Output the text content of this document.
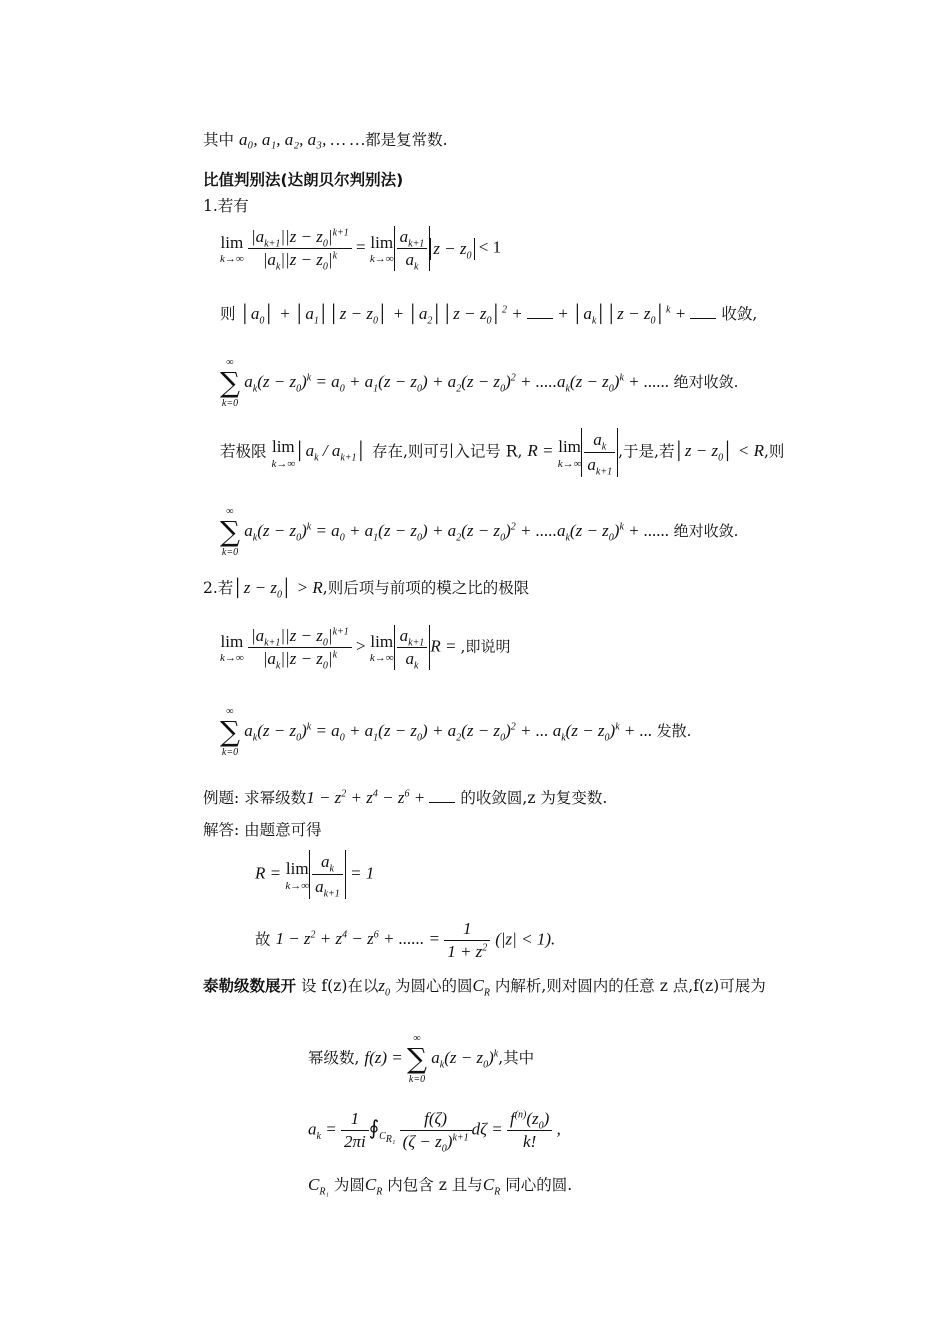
其中 a₀, a₁, a₂, a₃, … …都是复常数.
比值判别法(达朗贝尔判别法)
1.若有
lim
k→∞
$\frac{|a_{k+1}||z - z_0|^{k+1}}{|a_k||z - z_0|^k} = \lim$
$k\to\infty \frac{a_{k+1}}{a_k}$ $z - z_0 < 1$
则 $│a_0│$ + $│a_1││z$ − $z_0│$ + $│a_2││z$ − $z_0│^2$ +  + $│a_k││z$ − $z_0│^k$ +  收敛,
∞
∑
k=0
$a_k(z - z_0)^k = a_0 + a_1(z - z_0) + a_2(z - z_0)^2 + .....a_k(z - z_0)^k$ + ...... 绝对收敛.
若极限 lim
k→∞
$│a_k$ / $a_{k+1}│$ 存在,则可引入记号 R, R = lim
$k\to\infty \frac{a_k}{a_{k+1}}$ ,于是,若│z − $z_0│ < R$,则
∞
∑
k=0
$a_k(z - z_0)^k = a_0 + a_1(z - z_0) + a_2(z - z_0)^2 + .....a_k(z - z_0)^k$ + ...... 绝对收敛.
2.若│z − $z_0│ > R$,则后项与前项的模之比的极限
lim
k→∞
$\frac{|a_{k+1}||z - z_0|^{k+1}}{|a_k||z - z_0|^k} > \lim$
$k\to\infty \frac{a_{k+1}}{a_k}$ R = ,即说明
∞
∑
k=0
$a_k(z - z_0)^k = a_0 + a_1(z - z_0) + a_2(z - z_0)^2$ + ... $a_k(z - z_0)^k$ + ... 发散.
例题: 求幂级数$1 - z^2 + z^4 - z^6$ +  的收敛圆,z 为复变数.
解答: 由题意可得
R = lim
$k\to\infty \frac{a_k}{a_{k+1}} = 1$
故 $1 - z^2 + z^4 - z^6$ + ...... = $\frac{1}{1 + z^2} (|z| < 1)$.
泰勒级数展开 设 f(z)在以$z_0$ 为圆心的圆$C_R$ 内解析,则对圆内的任意 z 点,f(z)可展为
幂级数, f(z) =
∞
∑
k=0
$a_k(z - z_0)^k$,其中
$a_k = \frac{1}{2\pi i}$ $∮_{C_{R_1}} \frac{f(\zeta)}{(\zeta - z_0)^{k+1}}$ $d\zeta = \frac{f^{(n)}(z_0)}{k!}$ ,
$C_{R_1}$ 为圆$C_R$ 内包含 z 且与$C_R$ 同心的圆.
